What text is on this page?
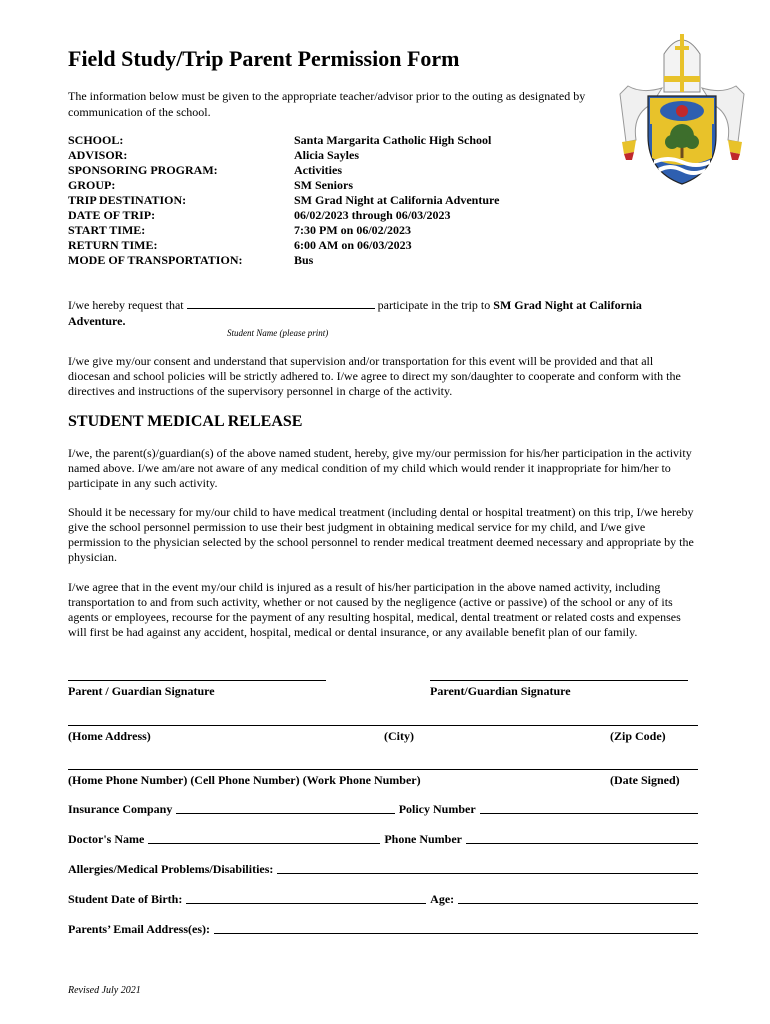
Field Study/Trip Parent Permission Form
The information below must be given to the appropriate teacher/advisor prior to the outing as designated by communication of the school.
SCHOOL:	Santa Margarita Catholic High School
ADVISOR:	Alicia Sayles
SPONSORING PROGRAM:	Activities
GROUP:	SM Seniors
TRIP DESTINATION:	SM Grad Night at California Adventure
DATE OF TRIP:	06/02/2023 through 06/03/2023
START TIME:	7:30 PM on 06/02/2023
RETURN TIME:	6:00 AM on 06/03/2023
MODE OF TRANSPORTATION:	Bus
I/we hereby request that	participate in the trip to SM Grad Night at California Adventure.
Student Name (please print)
I/we give my/our consent and understand that supervision and/or transportation for this event will be provided and that all diocesan and school policies will be strictly adhered to. I/we agree to direct my son/daughter to cooperate and conform with the directives and instructions of the supervisory personnel in charge of the activity.
STUDENT MEDICAL RELEASE
I/we, the parent(s)/guardian(s) of the above named student, hereby, give my/our permission for his/her participation in the activity named above. I/we am/are not aware of any medical condition of my child which would render it inappropriate for him/her to participate in any such activity.
Should it be necessary for my/our child to have medical treatment (including dental or hospital treatment) on this trip, I/we hereby give the school personnel permission to use their best judgment in obtaining medical service for my child, and I/we give permission to the physician selected by the school personnel to render medical treatment deemed necessary and appropriate by the physician.
I/we agree that in the event my/our child is injured as a result of his/her participation in the above named activity, including transportation to and from such activity, whether or not caused by the negligence (active or passive) of the school or any of its agents or employees, recourse for the payment of any resulting hospital, medical, dental treatment or related costs and expenses will first be had against any accident, hospital, medical or dental insurance, or any available benefit plan of our family.
Parent / Guardian Signature	Parent/Guardian Signature
(Home Address)	(City)	(Zip Code)
(Home Phone Number) (Cell Phone Number) (Work Phone Number)	(Date Signed)
Insurance Company	Policy Number
Doctor's Name	Phone Number
Allergies/Medical Problems/Disabilities:
Student Date of Birth:	Age:
Parents’ Email Address(es):
Revised July 2021
